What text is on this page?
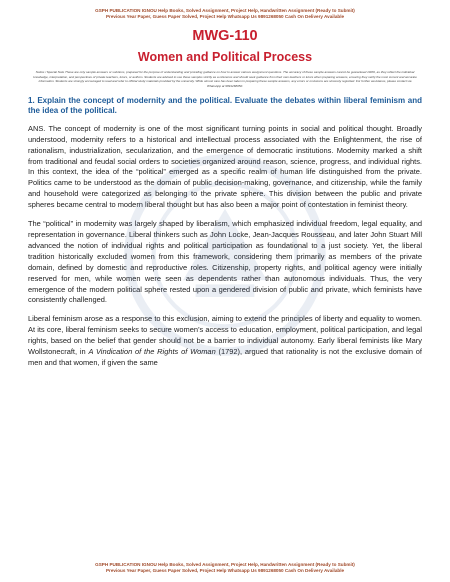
GSPH PUBLICATION IGNOU Help Books, Solved Assignment, Project Help, Handwritten Assignment (Ready to Submit)
Previous Year Paper, Guess Paper Solved, Project Help Whatsapp Us 9891268050 Cash On Delivery Available
MWG-110
Women and Political Process
Notice / Special Note These are only sample answers or solutions, prepared for the purpose of understanding and providing guidance on how to answer various assignment questions. The accuracy of these sample answers cannot be guaranteed 100%, as they reflect the individual knowledge, interpretation, and perspectives of private teachers, tutors, or authors. Students are advised to use these samples strictly as a reference and should seek guidance from their own teachers or tutors when preparing answers, ensuring they verify the most current and accurate information. Students are strongly encouraged to read and refer to official study materials provided by the university. While utmost care has been taken in preparing these sample answers, any errors or omissions are sincerely regretted. For further assistance, please contact via WhatsApp at 9891268050.
1. Explain the concept of modernity and the political. Evaluate the debates within liberal feminism and the idea of the political.

ANS. The concept of modernity is one of the most significant turning points in social and political thought. Broadly understood, modernity refers to a historical and intellectual process associated with the Enlightenment, the rise of rationalism, industrialization, secularization, and the emergence of democratic institutions. Modernity marked a shift from traditional and feudal social orders to societies organized around reason, science, progress, and individual rights. In this context, the idea of the “political” emerged as a specific realm of human life distinguished from the private. Politics came to be understood as the domain of public decision-making, governance, and citizenship, while the family and household were categorized as belonging to the private sphere. This division between the public and private spheres became central to modern liberal thought but has also been a major point of contestation in feminist theory.

The “political” in modernity was largely shaped by liberalism, which emphasized individual freedom, legal equality, and representation in governance. Liberal thinkers such as John Locke, Jean-Jacques Rousseau, and later John Stuart Mill advanced the notion of individual rights and political participation as foundational to a just society. Yet, the liberal tradition historically excluded women from this framework, considering them primarily as members of the private domain, defined by domestic and reproductive roles. Citizenship, property rights, and political agency were initially reserved for men, while women were seen as dependents rather than autonomous individuals. Thus, the very emergence of the modern political sphere rested upon a gendered division of public and private, which feminists have consistently challenged.

Liberal feminism arose as a response to this exclusion, aiming to extend the principles of liberty and equality to women. At its core, liberal feminism seeks to secure women’s access to education, employment, political participation, and legal rights, based on the belief that gender should not be a barrier to individual autonomy. Early liberal feminists like Mary Wollstonecraft, in A Vindication of the Rights of Woman (1792), argued that rationality is not the exclusive domain of men and that women, if given the same

GSPH PUBLICATION IGNOU Help Books, Solved Assignment, Project Help, Handwritten Assignment (Ready to Submit)
Previous Year Paper, Guess Paper Solved, Project Help Whatsapp Us 9891268050 Cash On Delivery Available
